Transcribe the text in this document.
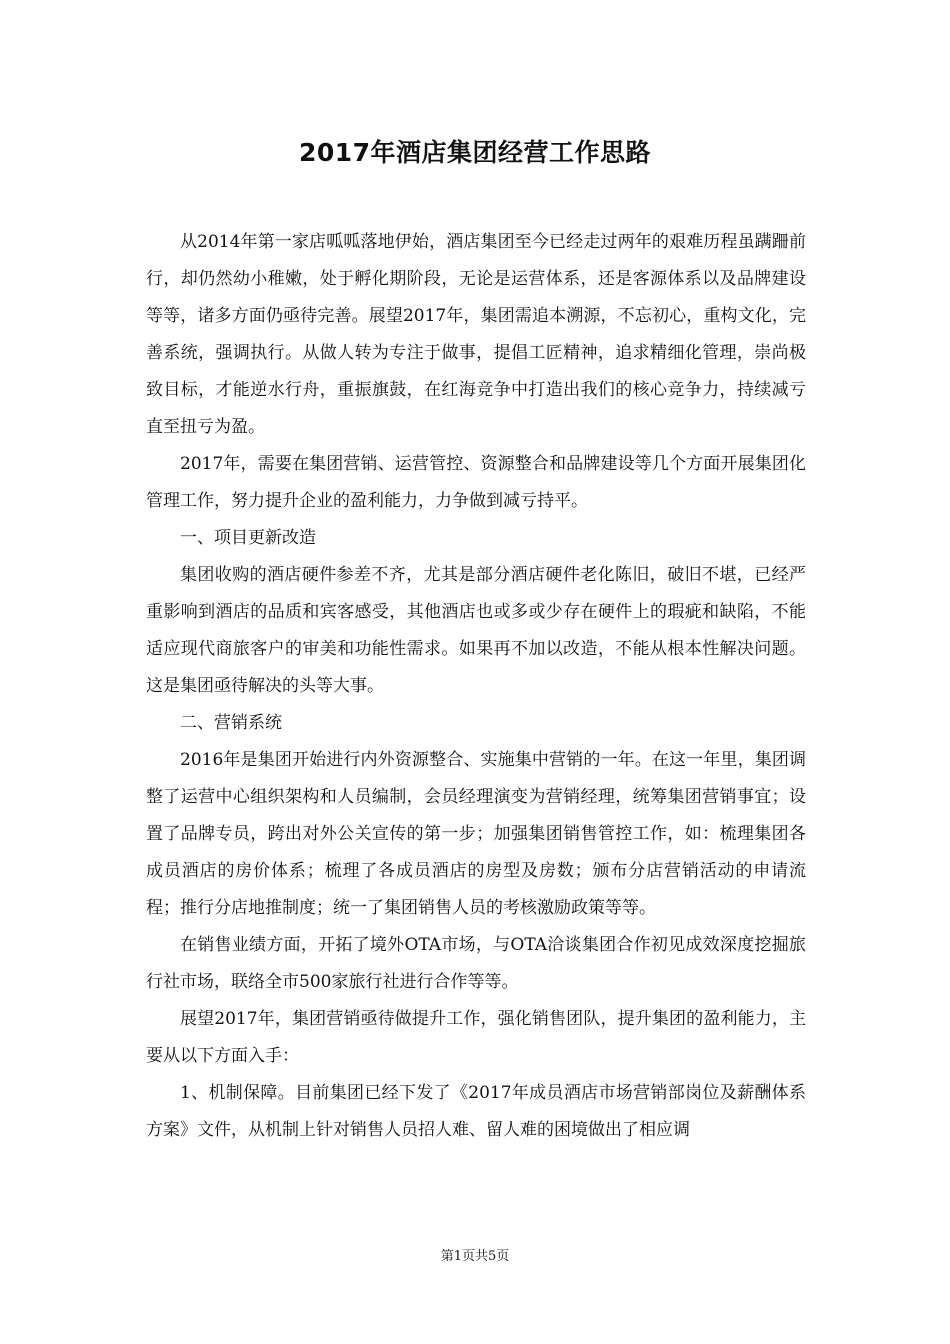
2017年酒店集团经营工作思路

从2014年第一家店呱呱落地伊始，酒店集团至今已经走过两年的艰难历程虽蹒跚前行，却仍然幼小稚嫩，处于孵化期阶段，无论是运营体系，还是客源体系以及品牌建设等等，诸多方面仍亟待完善。展望2017年，集团需追本溯源，不忘初心，重构文化，完善系统，强调执行。从做人转为专注于做事，提倡工匠精神，追求精细化管理，崇尚极致目标，才能逆水行舟，重振旗鼓，在红海竞争中打造出我们的核心竞争力，持续减亏直至扭亏为盈。

2017年，需要在集团营销、运营管控、资源整合和品牌建设等几个方面开展集团化管理工作，努力提升企业的盈利能力，力争做到减亏持平。

一、项目更新改造

集团收购的酒店硬件参差不齐，尤其是部分酒店硬件老化陈旧，破旧不堪，已经严重影响到酒店的品质和宾客感受，其他酒店也或多或少存在硬件上的瑕疵和缺陷，不能适应现代商旅客户的审美和功能性需求。如果再不加以改造，不能从根本性解决问题。这是集团亟待解决的头等大事。

二、营销系统

2016年是集团开始进行内外资源整合、实施集中营销的一年。在这一年里，集团调整了运营中心组织架构和人员编制，会员经理演变为营销经理，统筹集团营销事宜；设置了品牌专员，跨出对外公关宣传的第一步；加强集团销售管控工作，如：梳理集团各成员酒店的房价体系；梳理了各成员酒店的房型及房数；颁布分店营销活动的申请流程；推行分店地推制度；统一了集团销售人员的考核激励政策等等。

在销售业绩方面，开拓了境外OTA市场，与OTA洽谈集团合作初见成效深度挖掘旅行社市场，联络全市500家旅行社进行合作等等。

展望2017年，集团营销亟待做提升工作，强化销售团队，提升集团的盈利能力，主要从以下方面入手：

1、机制保障。目前集团已经下发了《2017年成员酒店市场营销部岗位及薪酬体系方案》文件，从机制上针对销售人员招人难、留人难的困境做出了相应调

第1页共5页
